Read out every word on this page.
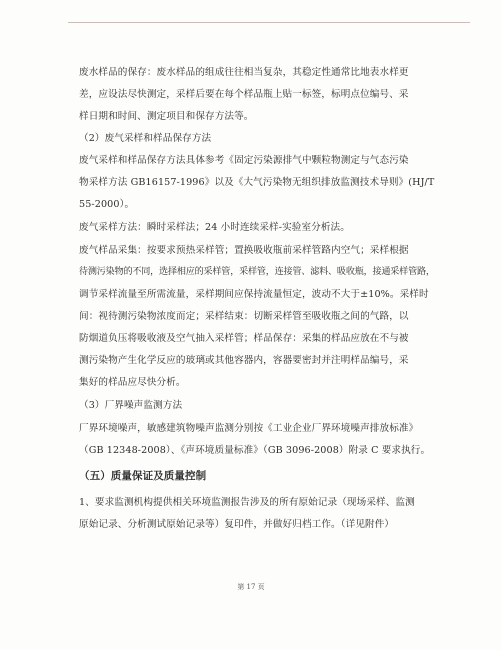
废水样品的保存：废水样品的组成往往相当复杂，其稳定性通常比地表水样更
差，应设法尽快测定，采样后要在每个样品瓶上贴一标签，标明点位编号、采
样日期和时间、测定项目和保存方法等。
（2）废气采样和样品保存方法
废气采样和样品保存方法具体参考《固定污染源排气中颗粒物测定与气态污染
物采样方法 GB16157-1996》以及《大气污染物无组织排放监测技术导则》(HJ/T
55-2000）。
废气采样方法：瞬时采样法；24 小时连续采样-实验室分析法。
废气样品采集：按要求预热采样管；置换吸收瓶前采样管路内空气；采样根据
待测污染物的不同，选择相应的采样管，采样管，连接管、滤料、吸收瓶，接通采样管路，
调节采样流量至所需流量，采样期间应保持流量恒定，波动不大于±10%。采样时
间：视待测污染物浓度而定；采样结束：切断采样管至吸收瓶之间的气路，以
防烟道负压将吸收液及空气抽入采样管；样品保存：采集的样品应放在不与被
测污染物产生化学反应的玻璃或其他容器内，容器要密封并注明样品编号，采
集好的样品应尽快分析。
（3）厂界噪声监测方法
厂界环境噪声，敏感建筑物噪声监测分别按《工业企业厂界环境噪声排放标准》
（GB 12348-2008）、《声环境质量标准》（GB 3096-2008）附录 C 要求执行。
（五）质量保证及质量控制
1、要求监测机构提供相关环境监测报告涉及的所有原始记录（现场采样、监测
原始记录、分析测试原始记录等）复印件，并做好归档工作。（详见附件）
第 17 页
